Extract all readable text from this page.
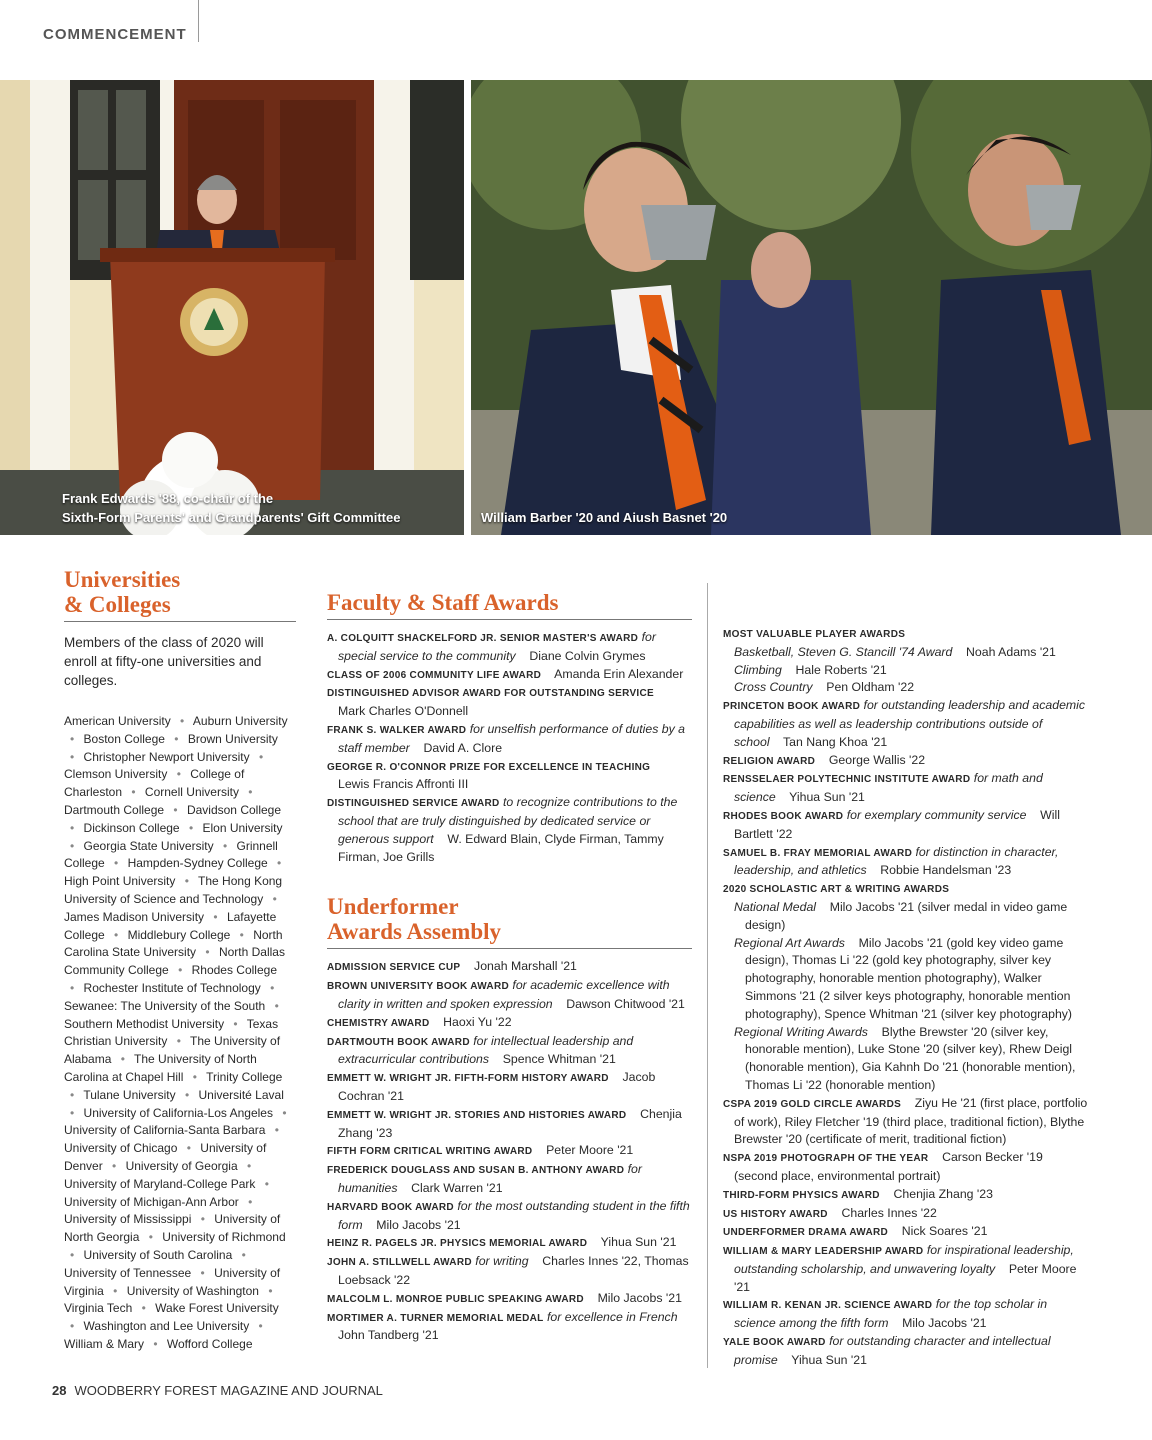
COMMENCEMENT
Frank Edwards '88, co-chair of the
Sixth-Form Parents' and Grandparents' Gift Committee	William Barber '20 and Aiush Basnet '20
Universities
& Colleges
Members of the class of 2020 will enroll at fifty-one universities and colleges.
American University • Auburn University • Boston College • Brown University • Christopher Newport University • Clemson University • College of Charleston • Cornell University • Dartmouth College • Davidson College • Dickinson College • Elon University • Georgia State University • Grinnell College • Hampden-Sydney College • High Point University • The Hong Kong University of Science and Technology • James Madison University • Lafayette College • Middlebury College • North Carolina State University • North Dallas Community College • Rhodes College • Rochester Institute of Technology • Sewanee: The University of the South • Southern Methodist University • Texas Christian University • The University of Alabama • The University of North Carolina at Chapel Hill • Trinity College • Tulane University • Université Laval • University of California-Los Angeles • University of California-Santa Barbara • University of Chicago • University of Denver • University of Georgia • University of Maryland-College Park • University of Michigan-Ann Arbor • University of Mississippi • University of North Georgia • University of Richmond • University of South Carolina • University of Tennessee • University of Virginia • University of Washington • Virginia Tech • Wake Forest University • Washington and Lee University • William & Mary • Wofford College
Faculty & Staff Awards
A. COLQUITT SHACKELFORD JR. SENIOR MASTER'S AWARD for special service to the community Diane Colvin Grymes
CLASS OF 2006 COMMUNITY LIFE AWARD Amanda Erin Alexander
DISTINGUISHED ADVISOR AWARD FOR OUTSTANDING SERVICE    Mark Charles O'Donnell
FRANK S. WALKER AWARD for unselfish performance of duties by a staff member David A. Clore
GEORGE R. O'CONNOR PRIZE FOR EXCELLENCE IN TEACHING    Lewis Francis Affronti III
DISTINGUISHED SERVICE AWARD to recognize contributions to the school that are truly distinguished by dedicated service or generous support W. Edward Blain, Clyde Firman, Tammy Firman, Joe Grills
Underformer
Awards Assembly
ADMISSION SERVICE CUP Jonah Marshall '21
BROWN UNIVERSITY BOOK AWARD for academic excellence with clarity in written and spoken expression Dawson Chitwood '21
CHEMISTRY AWARD Haoxi Yu '22
DARTMOUTH BOOK AWARD for intellectual leadership and extracurricular contributions Spence Whitman '21
EMMETT W. WRIGHT JR. FIFTH-FORM HISTORY AWARD Jacob Cochran '21
EMMETT W. WRIGHT JR. STORIES AND HISTORIES AWARD Chenjia Zhang '23
FIFTH FORM CRITICAL WRITING AWARD Peter Moore '21
FREDERICK DOUGLASS AND SUSAN B. ANTHONY AWARD for humanities Clark Warren '21
HARVARD BOOK AWARD for the most outstanding student in the fifth form Milo Jacobs '21
HEINZ R. PAGELS JR. PHYSICS MEMORIAL AWARD Yihua Sun '21
JOHN A. STILLWELL AWARD for writing Charles Innes '22, Thomas Loebsack '22
MALCOLM L. MONROE PUBLIC SPEAKING AWARD Milo Jacobs '21
MORTIMER A. TURNER MEMORIAL MEDAL for excellence in French    John Tandberg '21
MOST VALUABLE PLAYER AWARDS
Basketball, Steven G. Stancill '74 Award Noah Adams '21
Climbing Hale Roberts '21
Cross Country Pen Oldham '22
PRINCETON BOOK AWARD for outstanding leadership and academic capabilities as well as leadership contributions outside of school Tan Nang Khoa '21
RELIGION AWARD George Wallis '22
RENSSELAER POLYTECHNIC INSTITUTE AWARD for math and science Yihua Sun '21
RHODES BOOK AWARD for exemplary community service Will Bartlett '22
SAMUEL B. FRAY MEMORIAL AWARD for distinction in character, leadership, and athletics Robbie Handelsman '23
2020 SCHOLASTIC ART & WRITING AWARDS
National Medal Milo Jacobs '21 (silver medal in video game design)
Regional Art Awards Milo Jacobs '21 (gold key video game design), Thomas Li '22 (gold key photography, silver key photography, honorable mention photography), Walker Simmons '21 (2 silver keys photography, honorable mention photography), Spence Whitman '21 (silver key photography)
Regional Writing Awards Blythe Brewster '20 (silver key, honorable mention), Luke Stone '20 (silver key), Rhew Deigl (honorable mention), Gia Kahnh Do '21 (honorable mention), Thomas Li '22 (honorable mention)
CSPA 2019 GOLD CIRCLE AWARDS Ziyu He '21 (first place, portfolio of work), Riley Fletcher '19 (third place, traditional fiction), Blythe Brewster '20 (certificate of merit, traditional fiction)
NSPA 2019 PHOTOGRAPH OF THE YEAR Carson Becker '19 (second place, environmental portrait)
THIRD-FORM PHYSICS AWARD Chenjia Zhang '23
US HISTORY AWARD Charles Innes '22
UNDERFORMER DRAMA AWARD Nick Soares '21
WILLIAM & MARY LEADERSHIP AWARD for inspirational leadership, outstanding scholarship, and unwavering loyalty Peter Moore '21
WILLIAM R. KENAN JR. SCIENCE AWARD for the top scholar in science among the fifth form Milo Jacobs '21
YALE BOOK AWARD for outstanding character and intellectual promise Yihua Sun '21
28 WOODBERRY FOREST MAGAZINE AND JOURNAL
